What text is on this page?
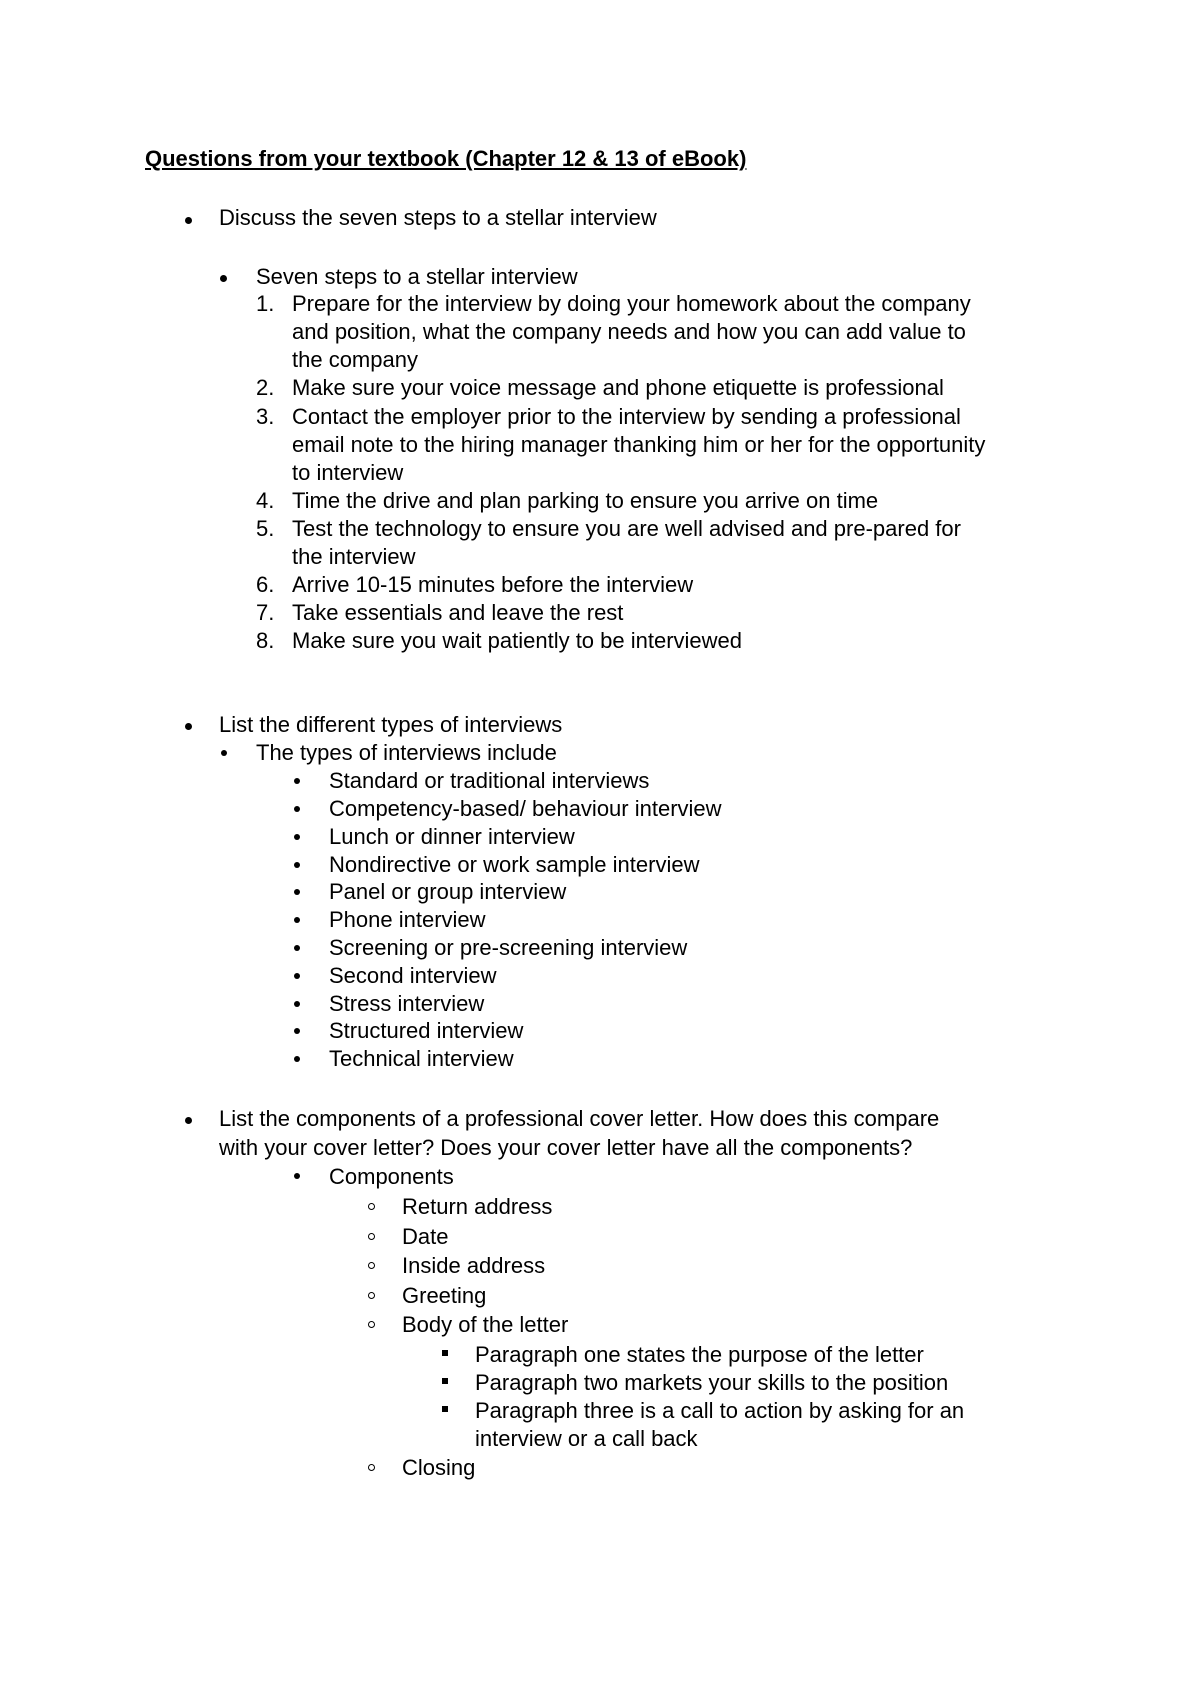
Questions from your textbook (Chapter 12 & 13 of eBook)
Discuss the seven steps to a stellar interview
Seven steps to a stellar interview
1. Prepare for the interview by doing your homework about the company
and position, what the company needs and how you can add value to
the company
2. Make sure your voice message and phone etiquette is professional
3. Contact the employer prior to the interview by sending a professional
email note to the hiring manager thanking him or her for the opportunity
to interview
4. Time the drive and plan parking to ensure you arrive on time
5. Test the technology to ensure you are well advised and pre-pared for
the interview
6. Arrive 10-15 minutes before the interview
7. Take essentials and leave the rest
8. Make sure you wait patiently to be interviewed
List the different types of interviews
The types of interviews include
Standard or traditional interviews
Competency-based/ behaviour interview
Lunch or dinner interview
Nondirective or work sample interview
Panel or group interview
Phone interview
Screening or pre-screening interview
Second interview
Stress interview
Structured interview
Technical interview
List the components of a professional cover letter. How does this compare
with your cover letter? Does your cover letter have all the components?
Components
Return address
Date
Inside address
Greeting
Body of the letter
Paragraph one states the purpose of the letter
Paragraph two markets your skills to the position
Paragraph three is a call to action by asking for an
interview or a call back
Closing
